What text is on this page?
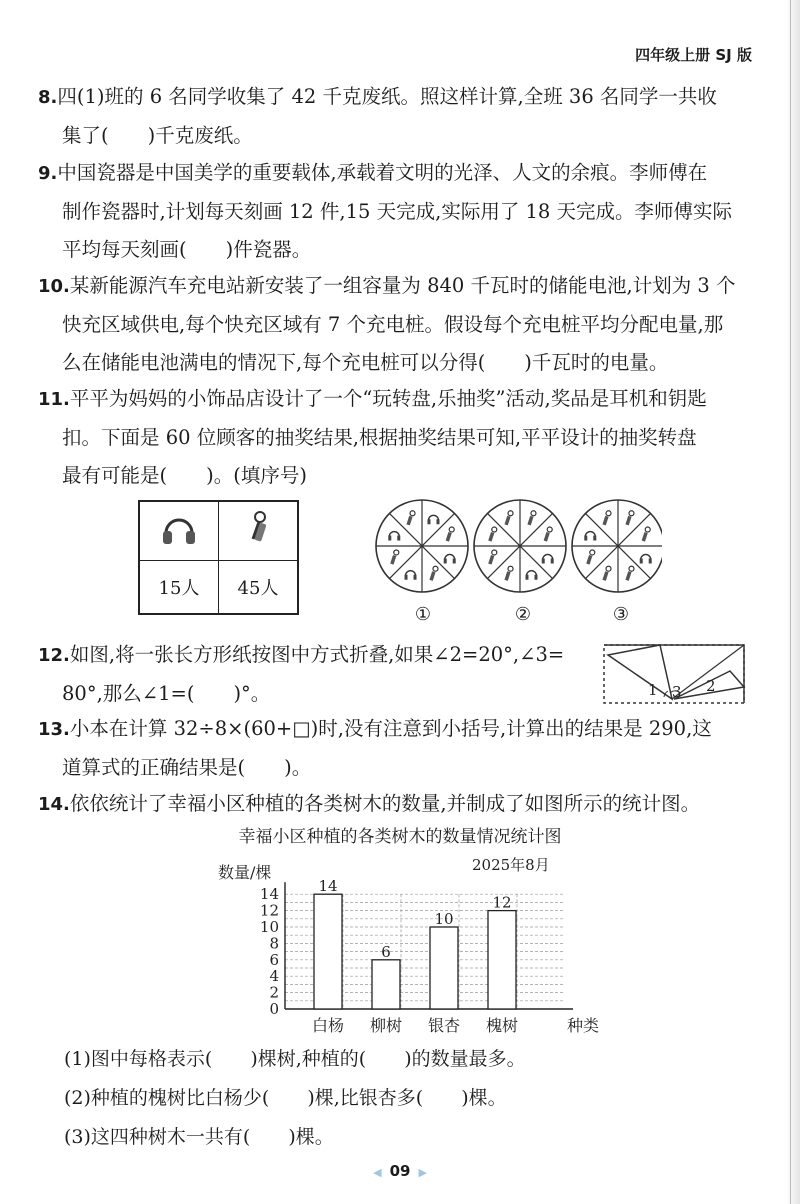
四年级上册 SJ 版
8.四(1)班的 6 名同学收集了 42 千克废纸。照这样计算,全班 36 名同学一共收
集了(　　)千克废纸。
9.中国瓷器是中国美学的重要载体,承载着文明的光泽、人文的余痕。李师傅在
制作瓷器时,计划每天刻画 12 件,15 天完成,实际用了 18 天完成。李师傅实际
平均每天刻画(　　)件瓷器。
10.某新能源汽车充电站新安装了一组容量为 840 千瓦时的储能电池,计划为 3 个
快充区域供电,每个快充区域有 7 个充电桩。假设每个充电桩平均分配电量,那
么在储能电池满电的情况下,每个充电桩可以分得(　　)千瓦时的电量。
11.平平为妈妈的小饰品店设计了一个“玩转盘,乐抽奖”活动,奖品是耳机和钥匙
扣。下面是 60 位顾客的抽奖结果,根据抽奖结果可知,平平设计的抽奖转盘
最有可能是(　　)。(填序号)

15人	45人
①	②	③
12.如图,将一张长方形纸按图中方式折叠,如果∠2=20°,∠3=
80°,那么∠1=(　　)°。	1 3 2
13.小本在计算 32÷8×(60+□)时,没有注意到小括号,计算出的结果是 290,这
道算式的正确结果是(　　)。
14.依依统计了幸福小区种植的各类树木的数量,并制成了如图所示的统计图。
幸福小区种植的各类树木的数量情况统计图
0
2
4
6
8
10
12
14
数量/棵	2025年8月
14
白杨
6
柳树
10
银杏
12
槐树	种类
(1)图中每格表示(　　)棵树,种植的(　　)的数量最多。
(2)种植的槐树比白杨少(　　)棵,比银杏多(　　)棵。
(3)这四种树木一共有(　　)棵。
◀ 09 ▶
